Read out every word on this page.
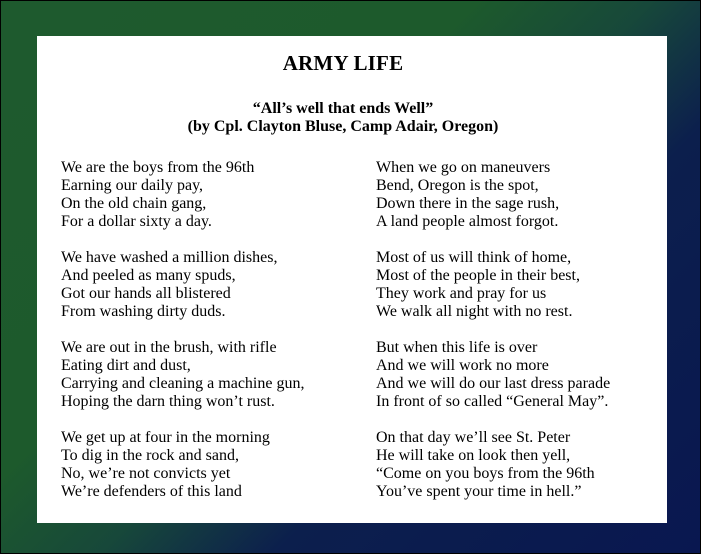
ARMY LIFE
“All’s well that ends Well”
(by Cpl. Clayton Bluse, Camp Adair, Oregon)
We are the boys from the 96th
Earning our daily pay,
On the old chain gang,
For a dollar sixty a day.
We have washed a million dishes,
And peeled as many spuds,
Got our hands all blistered
From washing dirty duds.
We are out in the brush, with rifle
Eating dirt and dust,
Carrying and cleaning a machine gun,
Hoping the darn thing won’t rust.
We get up at four in the morning
To dig in the rock and sand,
No, we’re not convicts yet
We’re defenders of this land
When we go on maneuvers
Bend, Oregon is the spot,
Down there in the sage rush,
A land people almost forgot.
Most of us will think of home,
Most of the people in their best,
They work and pray for us
We walk all night with no rest.
But when this life is over
And we will work no more
And we will do our last dress parade
In front of so called “General May”.
On that day we’ll see St. Peter
He will take on look then yell,
“Come on you boys from the 96th
You’ve spent your time in hell.”
